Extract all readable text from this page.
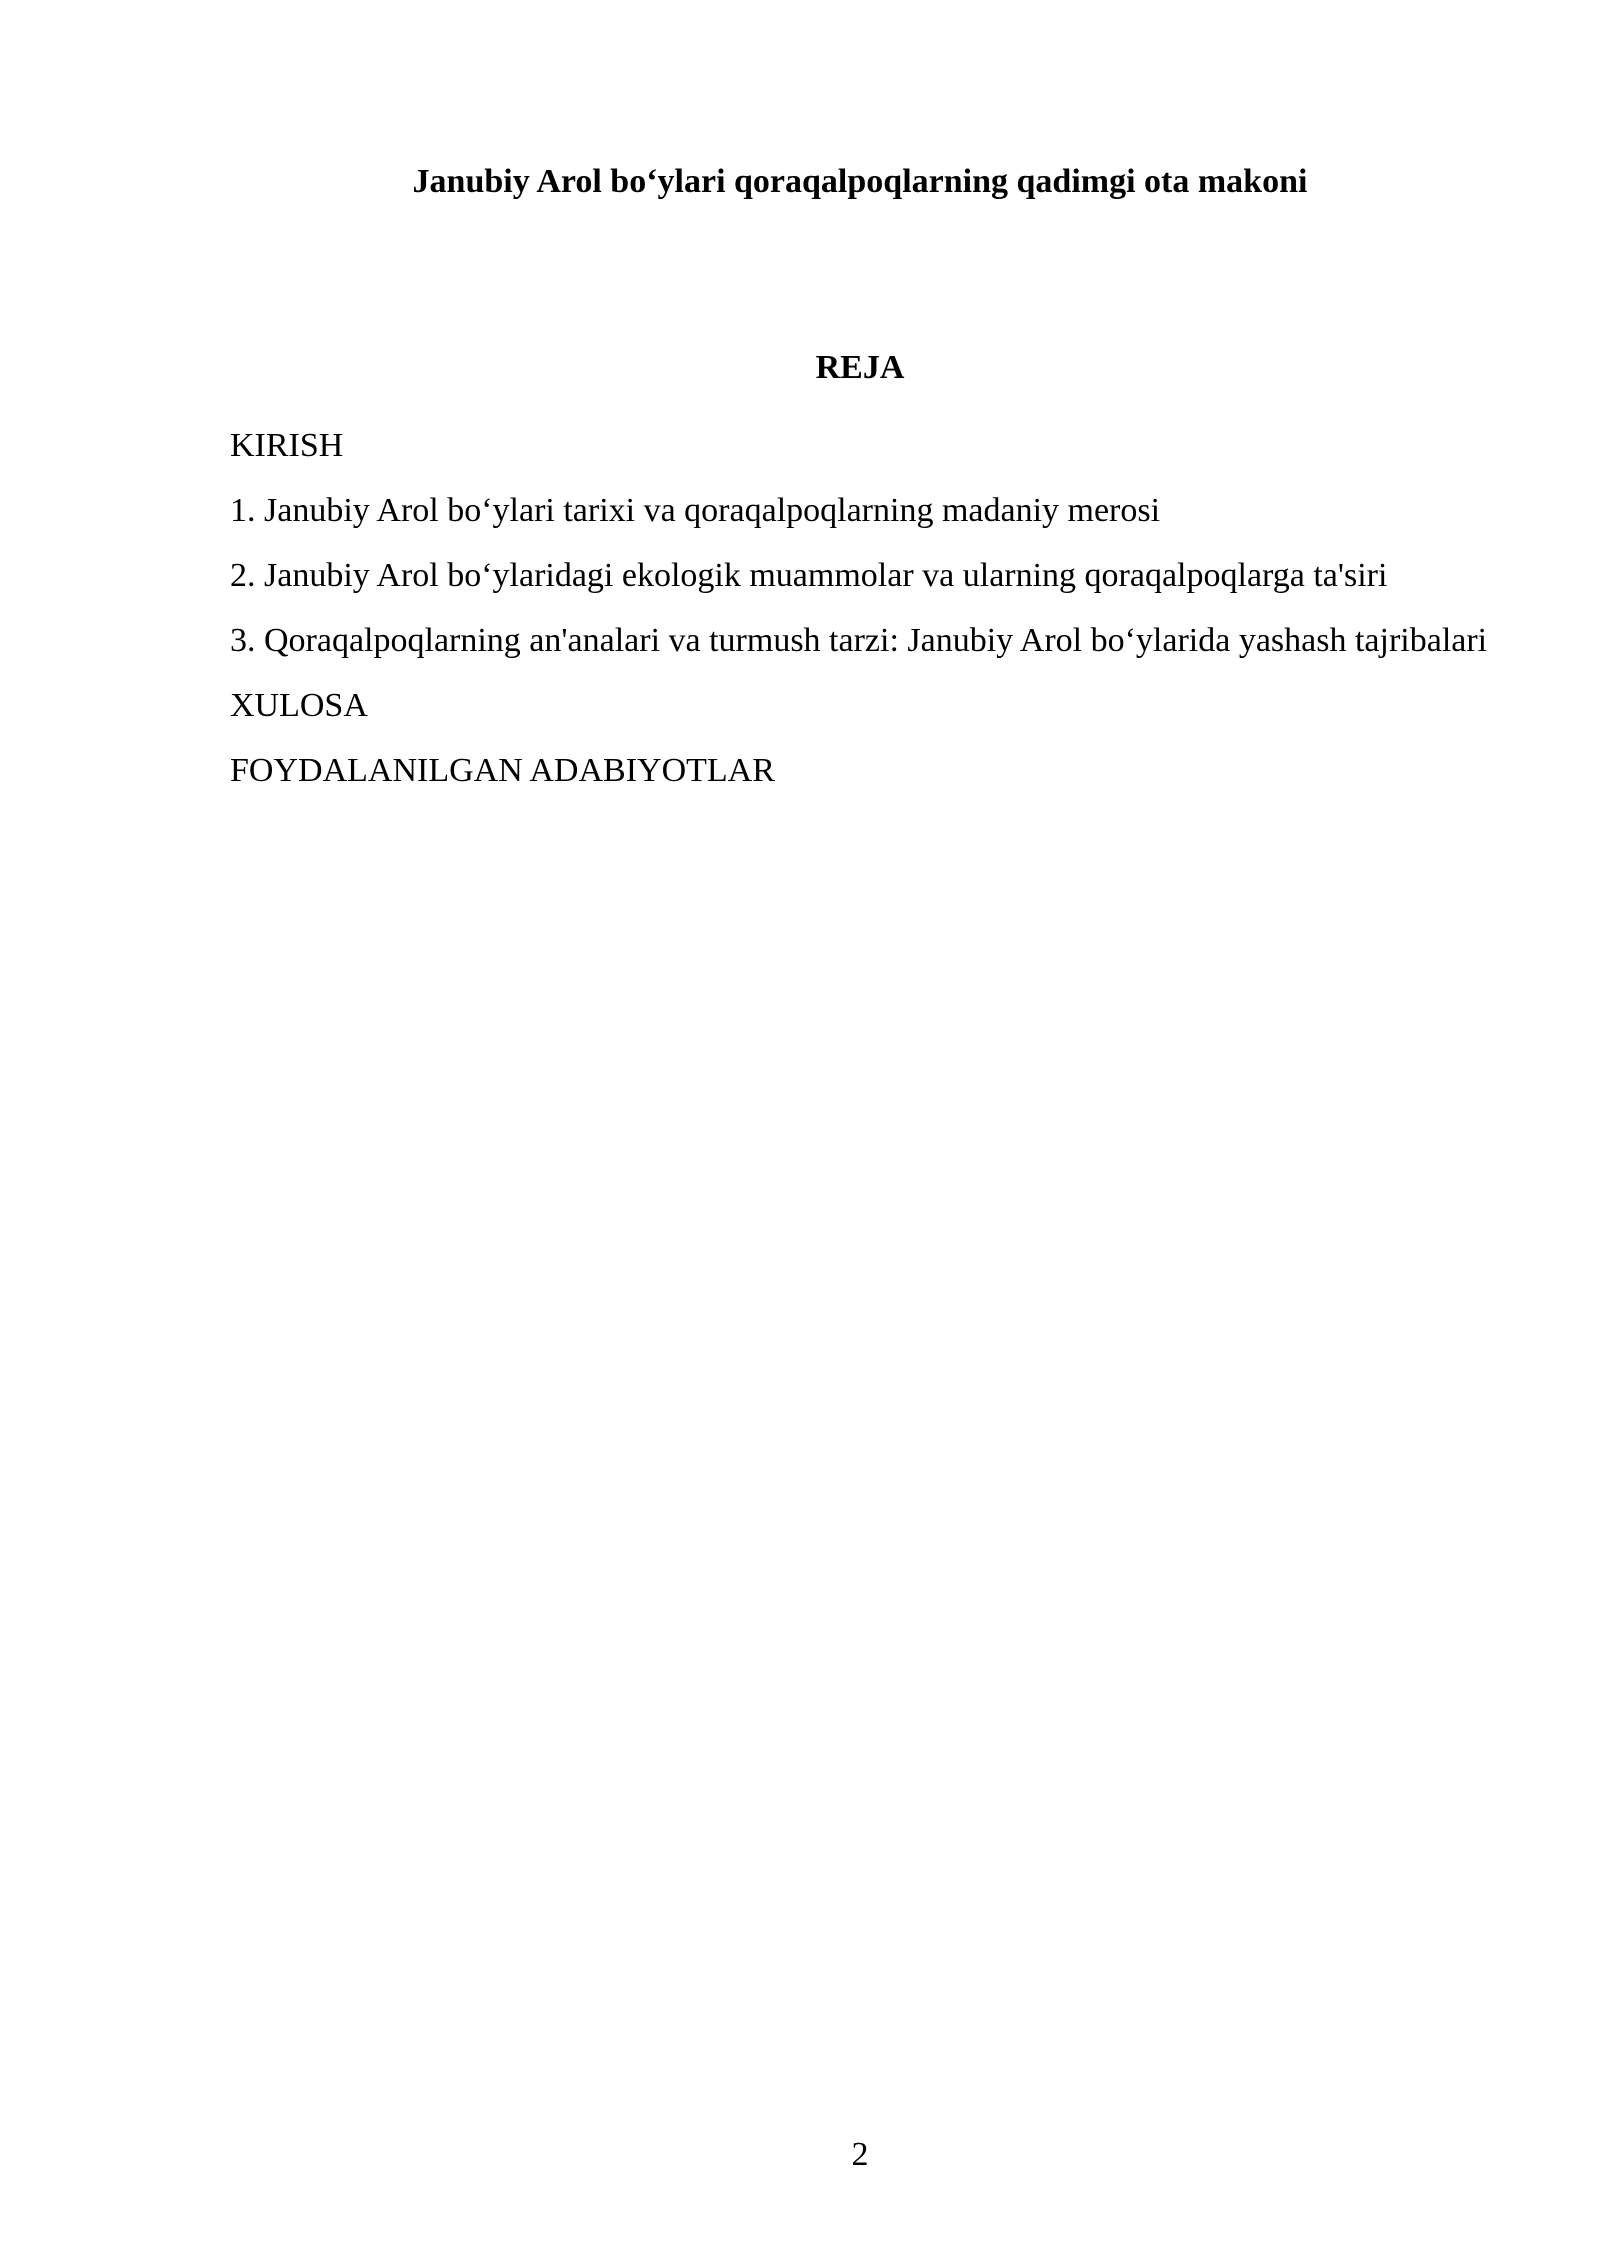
Janubiy Arol bo‘ylari qoraqalpoqlarning qadimgi ota makoni
REJA
KIRISH
1. Janubiy Arol bo‘ylari tarixi va qoraqalpoqlarning madaniy merosi
2. Janubiy Arol bo‘ylaridagi ekologik muammolar va ularning qoraqalpoqlarga ta'siri
3. Qoraqalpoqlarning an'analari va turmush tarzi: Janubiy Arol bo‘ylarida yashash tajribalari
XULOSA
FOYDALANILGAN ADABIYOTLAR
2
